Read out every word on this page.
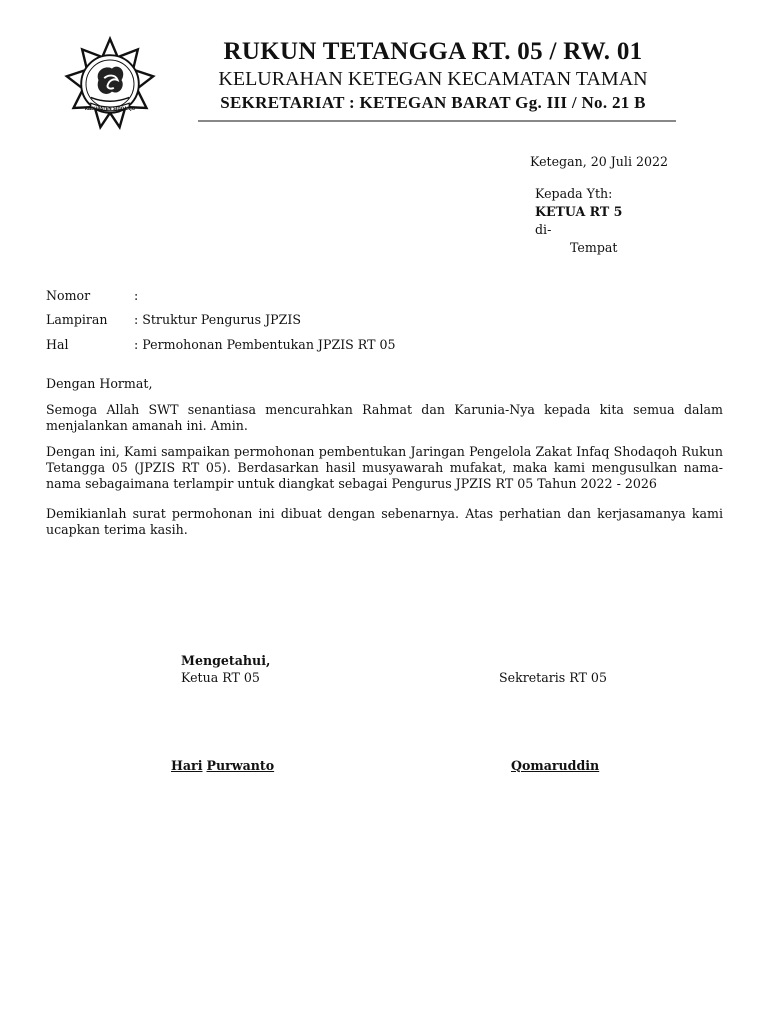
KABUPATEN SIDOARJO
RUKUN TETANGGA RT. 05 / RW. 01
KELURAHAN KETEGAN KECAMATAN TAMAN
SEKRETARIAT : KETEGAN BARAT Gg. III / No. 21 B
Ketegan, 20 Juli 2022
Kepada Yth:
KETUA RT 5
di-
Tempat
Nomor	:
Lampiran : Struktur Pengurus JPZIS
Hal	: Permohonan Pembentukan JPZIS RT 05
Dengan Hormat,
Semoga Allah SWT senantiasa mencurahkan Rahmat dan Karunia-Nya kepada kita semua dalam menjalankan amanah ini. Amin.
Dengan ini, Kami sampaikan permohonan pembentukan Jaringan Pengelola Zakat Infaq Shodaqoh Rukun Tetangga 05 (JPZIS RT 05). Berdasarkan hasil musyawarah mufakat, maka kami mengusulkan nama-nama sebagaimana terlampir untuk diangkat sebagai Pengurus JPZIS RT 05 Tahun 2022 - 2026
Demikianlah surat permohonan ini dibuat dengan sebenarnya. Atas perhatian dan kerjasamanya kami ucapkan terima kasih.
Mengetahui,
Ketua RT 05	Sekretaris RT 05
Hari Purwanto	Qomaruddin
